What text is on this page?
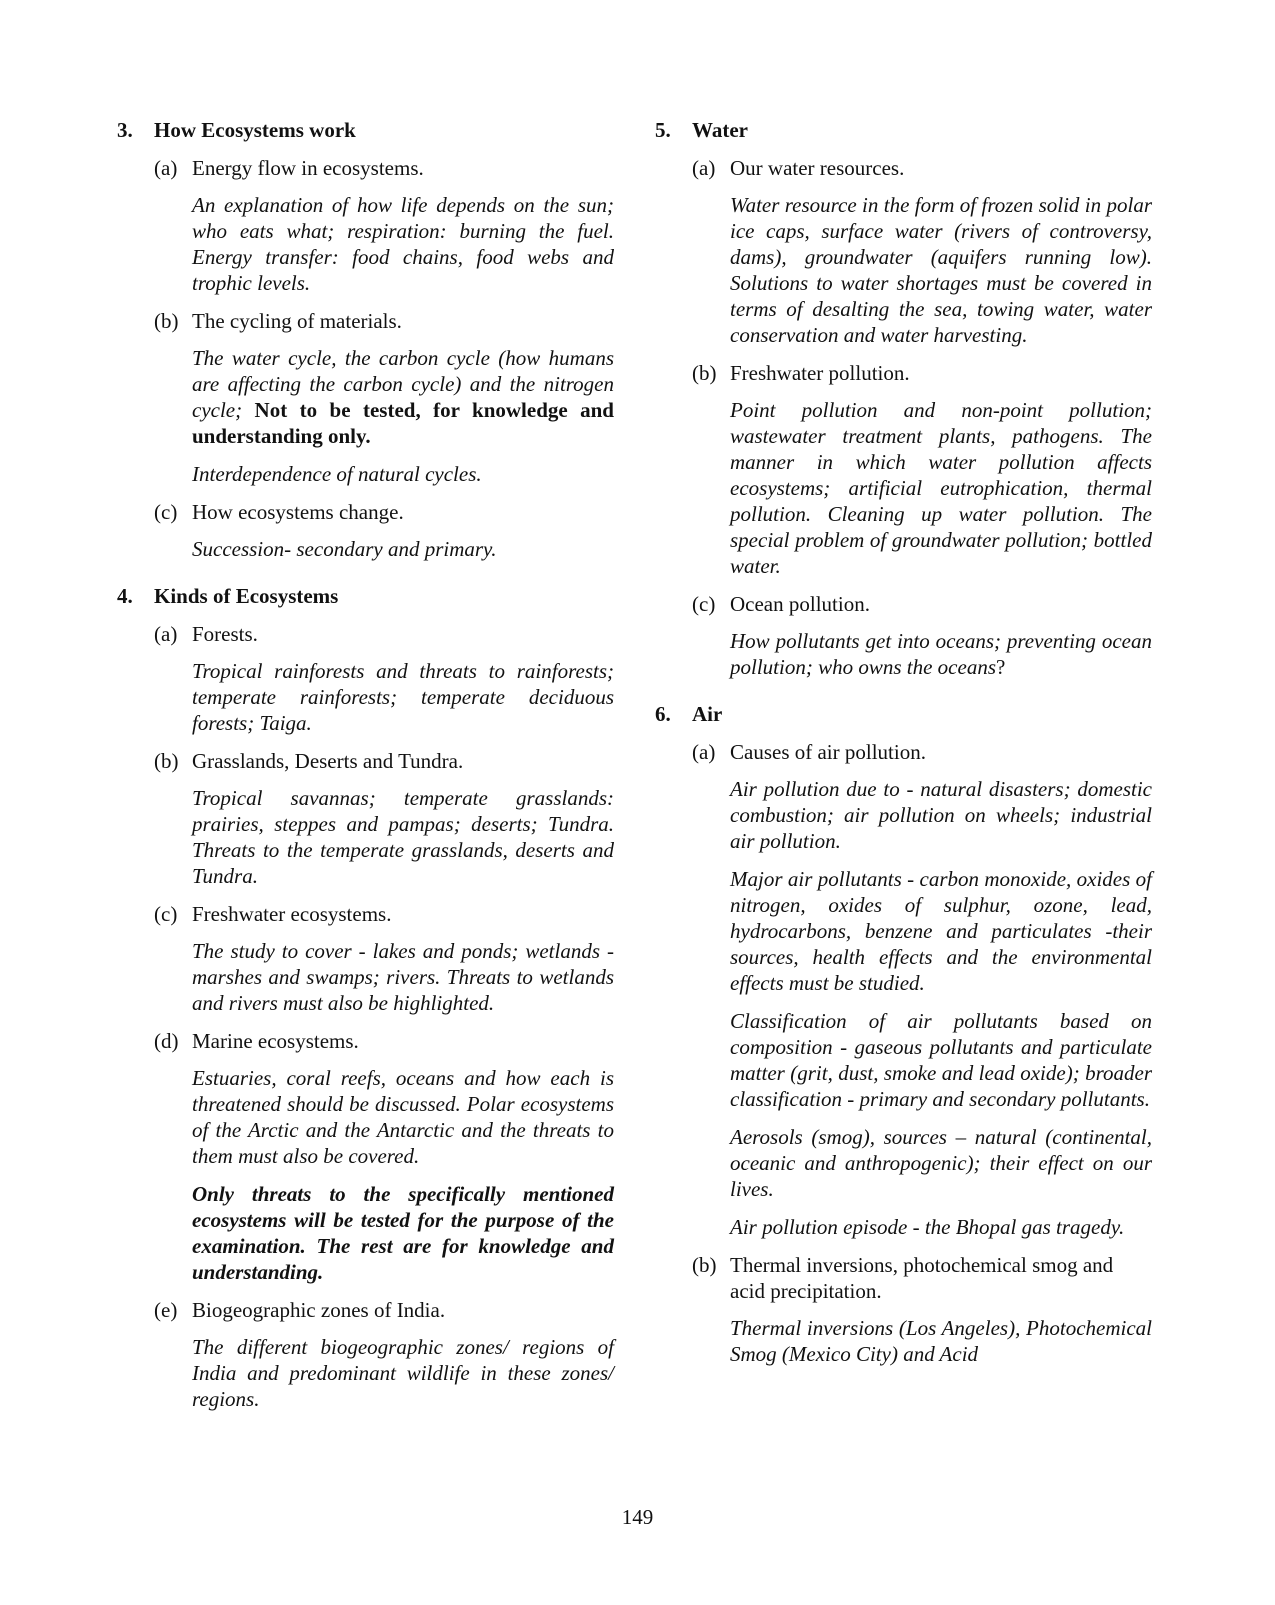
3.	How Ecosystems work
(a) Energy flow in ecosystems.
An explanation of how life depends on the sun; who eats what; respiration: burning the fuel. Energy transfer: food chains, food webs and trophic levels.
(b) The cycling of materials.
The water cycle, the carbon cycle (how humans are affecting the carbon cycle) and the nitrogen cycle; Not to be tested, for knowledge and understanding only.
Interdependence of natural cycles.
(c) How ecosystems change.
Succession- secondary and primary.
4.	Kinds of Ecosystems
(a) Forests.
Tropical rainforests and threats to rainforests; temperate rainforests; temperate deciduous forests; Taiga.
(b) Grasslands, Deserts and Tundra.
Tropical savannas; temperate grasslands: prairies, steppes and pampas; deserts; Tundra. Threats to the temperate grasslands, deserts and Tundra.
(c) Freshwater ecosystems.
The study to cover - lakes and ponds; wetlands - marshes and swamps; rivers. Threats to wetlands and rivers must also be highlighted.
(d) Marine ecosystems.
Estuaries, coral reefs, oceans and how each is threatened should be discussed. Polar ecosystems of the Arctic and the Antarctic and the threats to them must also be covered.
Only threats to the specifically mentioned ecosystems will be tested for the purpose of the examination. The rest are for knowledge and understanding.
(e) Biogeographic zones of India.
The different biogeographic zones/ regions of India and predominant wildlife in these zones/ regions.
5.	Water
(a) Our water resources.
Water resource in the form of frozen solid in polar ice caps, surface water (rivers of controversy, dams), groundwater (aquifers running low). Solutions to water shortages must be covered in terms of desalting the sea, towing water, water conservation and water harvesting.
(b) Freshwater pollution.
Point pollution and non-point pollution; wastewater treatment plants, pathogens. The manner in which water pollution affects ecosystems; artificial eutrophication, thermal pollution. Cleaning up water pollution. The special problem of groundwater pollution; bottled water.
(c) Ocean pollution.
How pollutants get into oceans; preventing ocean pollution; who owns the oceans?
6.	Air
(a) Causes of air pollution.
Air pollution due to - natural disasters; domestic combustion; air pollution on wheels; industrial air pollution.
Major air pollutants - carbon monoxide, oxides of nitrogen, oxides of sulphur, ozone, lead, hydrocarbons, benzene and particulates -their sources, health effects and the environmental effects must be studied.
Classification of air pollutants based on composition - gaseous pollutants and particulate matter (grit, dust, smoke and lead oxide); broader classification - primary and secondary pollutants.
Aerosols (smog), sources – natural (continental, oceanic and anthropogenic); their effect on our lives.
Air pollution episode - the Bhopal gas tragedy.
(b) Thermal inversions, photochemical smog and acid precipitation.
Thermal inversions (Los Angeles), Photochemical Smog (Mexico City) and Acid
149
